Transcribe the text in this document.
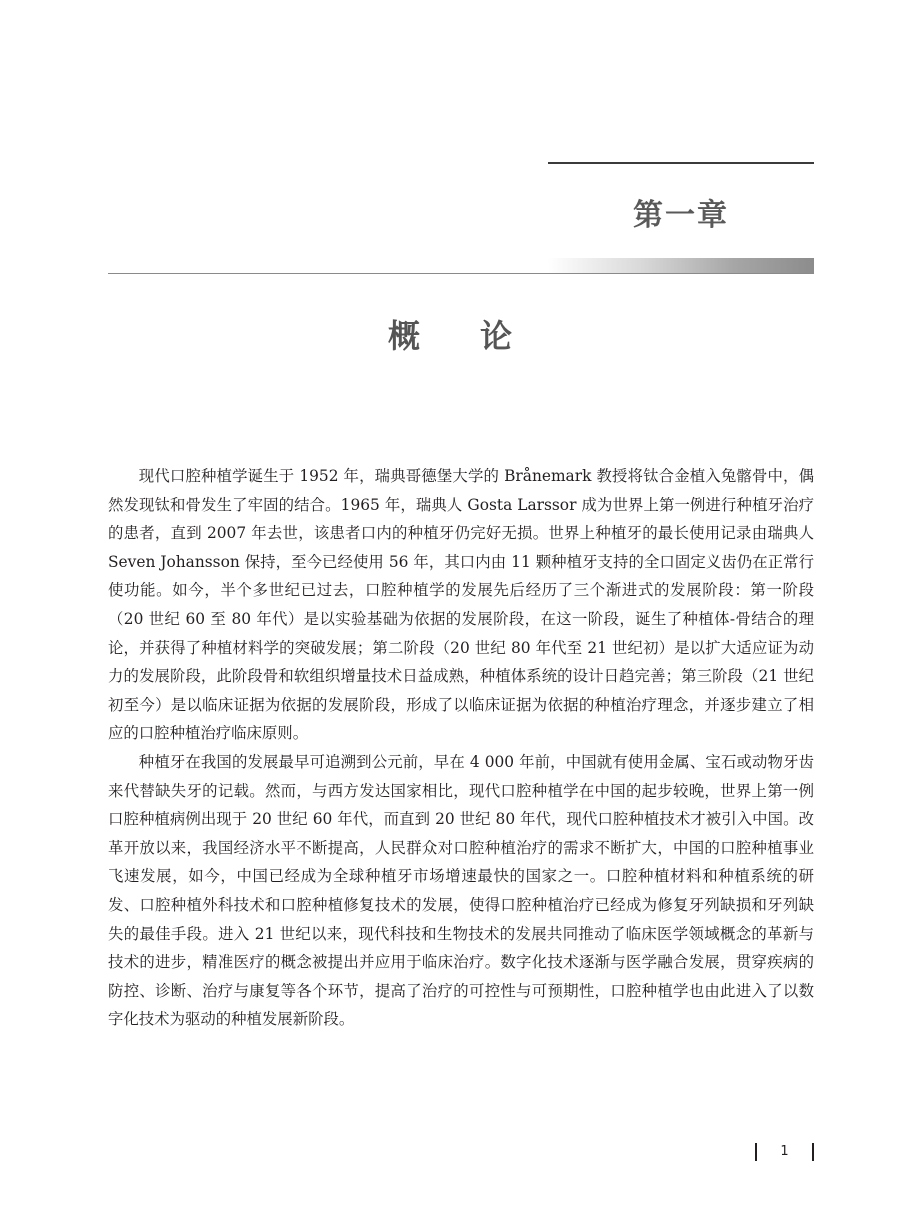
第一章
概论

现代口腔种植学诞生于 1952 年，瑞典哥德堡大学的 Brånemark 教授将钛合金植入兔髂骨中，偶然发现钛和骨发生了牢固的结合。1965 年，瑞典人 Gosta Larssor 成为世界上第一例进行种植牙治疗的患者，直到 2007 年去世，该患者口内的种植牙仍完好无损。世界上种植牙的最长使用记录由瑞典人 Seven Johansson 保持，至今已经使用 56 年，其口内由 11 颗种植牙支持的全口固定义齿仍在正常行使功能。如今，半个多世纪已过去，口腔种植学的发展先后经历了三个渐进式的发展阶段：第一阶段（20 世纪 60 至 80 年代）是以实验基础为依据的发展阶段，在这一阶段，诞生了种植体-骨结合的理论，并获得了种植材料学的突破发展；第二阶段（20 世纪 80 年代至 21 世纪初）是以扩大适应证为动力的发展阶段，此阶段骨和软组织增量技术日益成熟，种植体系统的设计日趋完善；第三阶段（21 世纪初至今）是以临床证据为依据的发展阶段，形成了以临床证据为依据的种植治疗理念，并逐步建立了相应的口腔种植治疗临床原则。

种植牙在我国的发展最早可追溯到公元前，早在 4 000 年前，中国就有使用金属、宝石或动物牙齿来代替缺失牙的记载。然而，与西方发达国家相比，现代口腔种植学在中国的起步较晚，世界上第一例口腔种植病例出现于 20 世纪 60 年代，而直到 20 世纪 80 年代，现代口腔种植技术才被引入中国。改革开放以来，我国经济水平不断提高，人民群众对口腔种植治疗的需求不断扩大，中国的口腔种植事业飞速发展，如今，中国已经成为全球种植牙市场增速最快的国家之一。口腔种植材料和种植系统的研发、口腔种植外科技术和口腔种植修复技术的发展，使得口腔种植治疗已经成为修复牙列缺损和牙列缺失的最佳手段。进入 21 世纪以来，现代科技和生物技术的发展共同推动了临床医学领域概念的革新与技术的进步，精准医疗的概念被提出并应用于临床治疗。数字化技术逐渐与医学融合发展，贯穿疾病的防控、诊断、治疗与康复等各个环节，提高了治疗的可控性与可预期性，口腔种植学也由此进入了以数字化技术为驱动的种植发展新阶段。

1
